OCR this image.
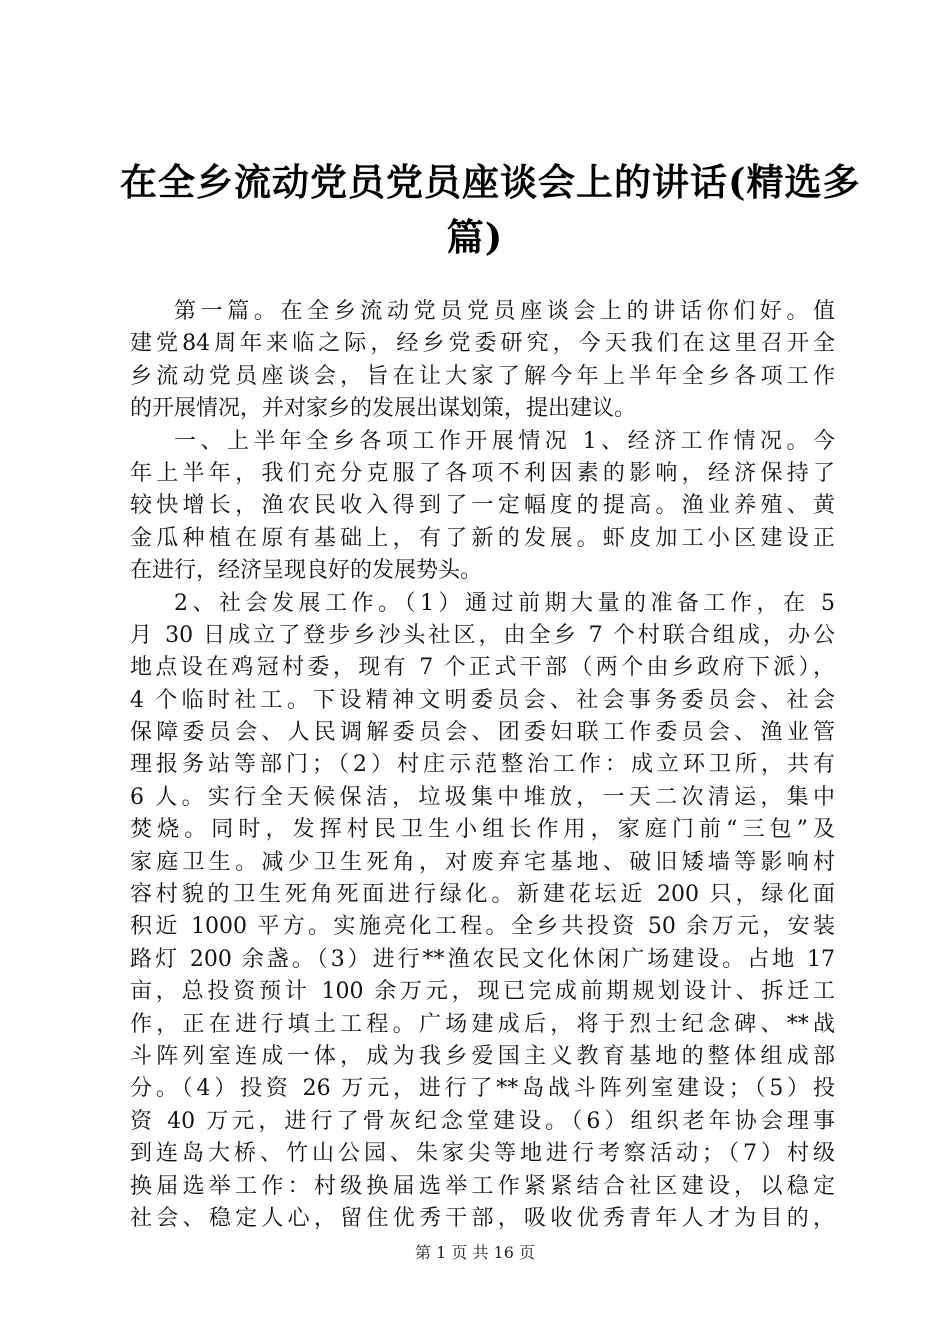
在全乡流动党员党员座谈会上的讲话(精选多
篇)
第一篇。在全乡流动党员党员座谈会上的讲话你们好。值
建党84周年来临之际，经乡党委研究，今天我们在这里召开全
乡流动党员座谈会，旨在让大家了解今年上半年全乡各项工作
的开展情况，并对家乡的发展出谋划策，提出建议。
一、上半年全乡各项工作开展情况 1、经济工作情况。今
年上半年，我们充分克服了各项不利因素的影响，经济保持了
较快增长，渔农民收入得到了一定幅度的提高。渔业养殖、黄
金瓜种植在原有基础上，有了新的发展。虾皮加工小区建设正
在进行，经济呈现良好的发展势头。
2、社会发展工作。（1）通过前期大量的准备工作，在 5
月 30 日成立了登步乡沙头社区，由全乡 7 个村联合组成，办公
地点设在鸡冠村委，现有 7 个正式干部（两个由乡政府下派），
4 个临时社工。下设精神文明委员会、社会事务委员会、社会
保障委员会、人民调解委员会、团委妇联工作委员会、渔业管
理报务站等部门；（2）村庄示范整治工作：成立环卫所，共有
6 人。实行全天候保洁，垃圾集中堆放，一天二次清运，集中
焚烧。同时，发挥村民卫生小组长作用，家庭门前“三包”及
家庭卫生。减少卫生死角，对废弃宅基地、破旧矮墙等影响村
容村貌的卫生死角死面进行绿化。新建花坛近 200 只，绿化面
积近 1000 平方。实施亮化工程。全乡共投资 50 余万元，安装
路灯 200 余盏。（3）进行**渔农民文化休闲广场建设。占地 17
亩，总投资预计 100 余万元，现已完成前期规划设计、拆迁工
作，正在进行填土工程。广场建成后，将于烈士纪念碑、**战
斗阵列室连成一体，成为我乡爱国主义教育基地的整体组成部
分。（4）投资 26 万元，进行了**岛战斗阵列室建设；（5）投
资 40 万元，进行了骨灰纪念堂建设。（6）组织老年协会理事
到连岛大桥、竹山公园、朱家尖等地进行考察活动；（7）村级
换届选举工作：村级换届选举工作紧紧结合社区建设，以稳定
社会、稳定人心，留住优秀干部，吸收优秀青年人才为目的，
第 1 页 共 16 页
